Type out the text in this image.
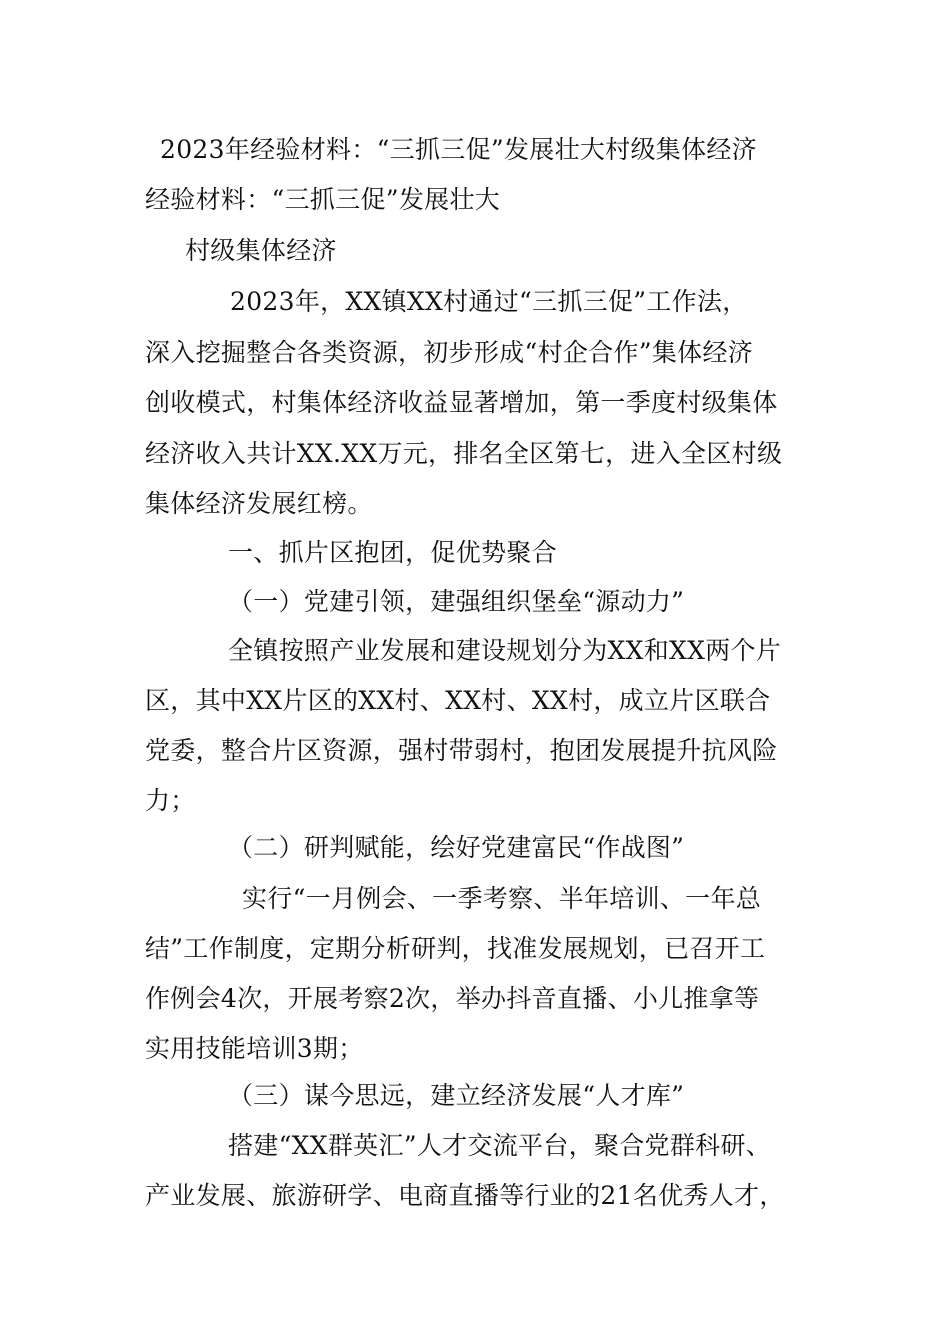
2023年经验材料：“三抓三促”发展壮大村级集体经济
经验材料：“三抓三促”发展壮大
村级集体经济
2023年，XX镇XX村通过“三抓三促”工作法，
深入挖掘整合各类资源，初步形成“村企合作”集体经济
创收模式，村集体经济收益显著增加，第一季度村级集体
经济收入共计XX.XX万元，排名全区第七，进入全区村级
集体经济发展红榜。
一、抓片区抱团，促优势聚合
（一）党建引领，建强组织堡垒“源动力”
全镇按照产业发展和建设规划分为XX和XX两个片
区，其中XX片区的XX村、XX村、XX村，成立片区联合
党委，整合片区资源，强村带弱村，抱团发展提升抗风险
力；
（二）研判赋能，绘好党建富民“作战图”
实行“一月例会、一季考察、半年培训、一年总
结”工作制度，定期分析研判，找准发展规划，已召开工
作例会4次，开展考察2次，举办抖音直播、小儿推拿等
实用技能培训3期；
（三）谋今思远，建立经济发展“人才库”
搭建“XX群英汇”人才交流平台，聚合党群科研、
产业发展、旅游研学、电商直播等行业的21名优秀人才，
